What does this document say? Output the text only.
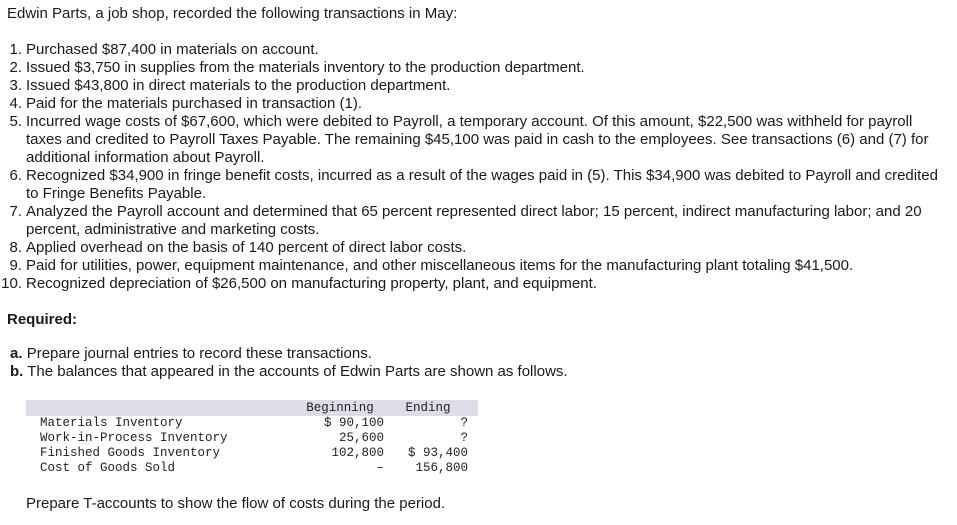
Edwin Parts, a job shop, recorded the following transactions in May:
1. Purchased $87,400 in materials on account.
2. Issued $3,750 in supplies from the materials inventory to the production department.
3. Issued $43,800 in direct materials to the production department.
4. Paid for the materials purchased in transaction (1).
5. Incurred wage costs of $67,600, which were debited to Payroll, a temporary account. Of this amount, $22,500 was withheld for payroll taxes and credited to Payroll Taxes Payable. The remaining $45,100 was paid in cash to the employees. See transactions (6) and (7) for additional information about Payroll.
6. Recognized $34,900 in fringe benefit costs, incurred as a result of the wages paid in (5). This $34,900 was debited to Payroll and credited to Fringe Benefits Payable.
7. Analyzed the Payroll account and determined that 65 percent represented direct labor; 15 percent, indirect manufacturing labor; and 20 percent, administrative and marketing costs.
8. Applied overhead on the basis of 140 percent of direct labor costs.
9. Paid for utilities, power, equipment maintenance, and other miscellaneous items for the manufacturing plant totaling $41,500.
10. Recognized depreciation of $26,500 on manufacturing property, plant, and equipment.
Required:
a. Prepare journal entries to record these transactions.
b. The balances that appeared in the accounts of Edwin Parts are shown as follows.
	Beginning	Ending
Materials Inventory	$ 90,100	?
Work-in-Process Inventory	25,600	?
Finished Goods Inventory	102,800	$ 93,400
Cost of Goods Sold	–	156,800
Prepare T-accounts to show the flow of costs during the period.
